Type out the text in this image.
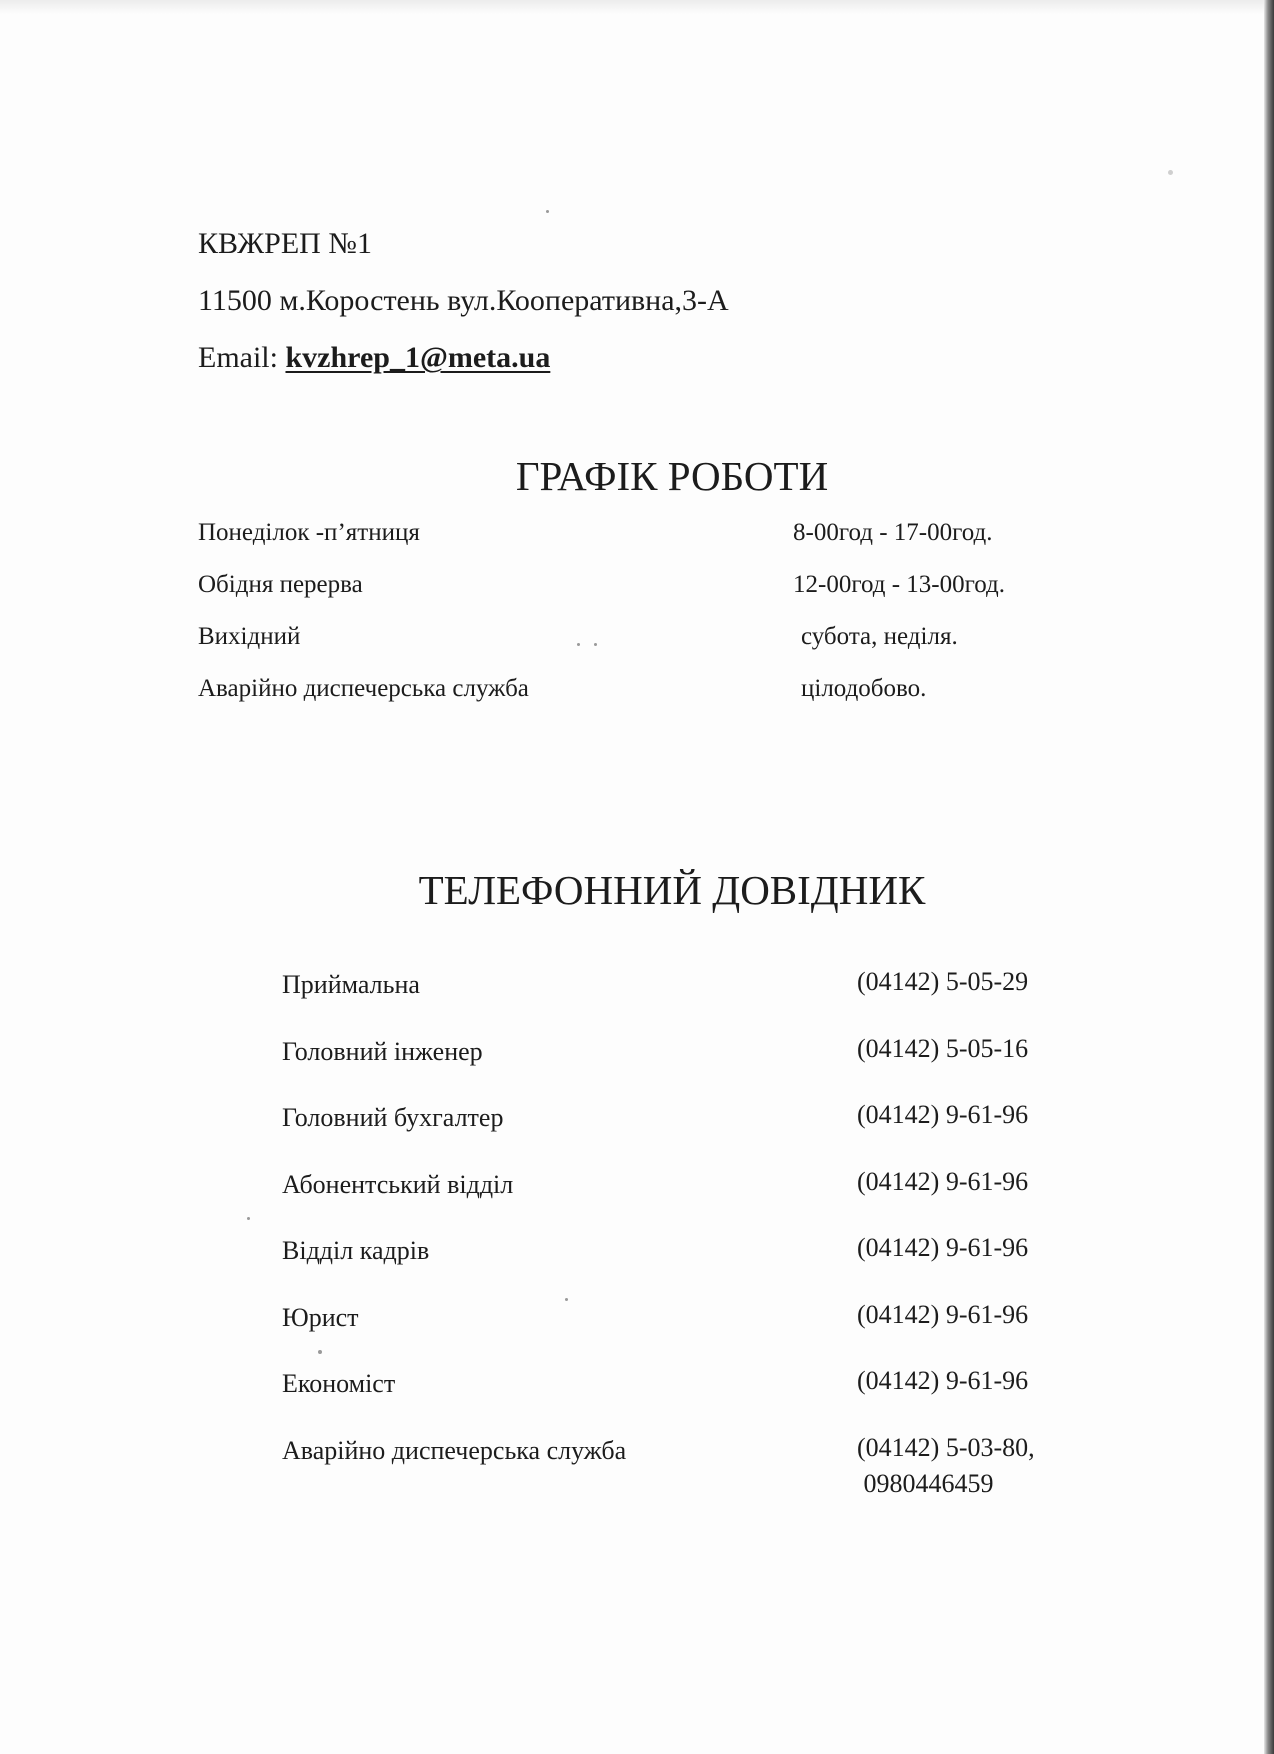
КВЖРЕП №1
11500 м.Коростень вул.Кооперативна,3-А
Email: kvzhrep_1@meta.ua
ГРАФІК РОБОТИ
Понеділок -п’ятниця	8-00год - 17-00год.
Обідня перерва	12-00год - 13-00год.
Вихідний	субота, неділя.
Аварійно диспечерська служба	цілодобово.
ТЕЛЕФОННИЙ ДОВІДНИК
Приймальна	(04142) 5-05-29
Головний інженер	(04142) 5-05-16
Головний бухгалтер	(04142) 9-61-96
Абонентський відділ	(04142) 9-61-96
Відділ кадрів	(04142) 9-61-96
Юрист	(04142) 9-61-96
Економіст	(04142) 9-61-96
Аварійно диспечерська служба	(04142) 5-03-80,
0980446459
